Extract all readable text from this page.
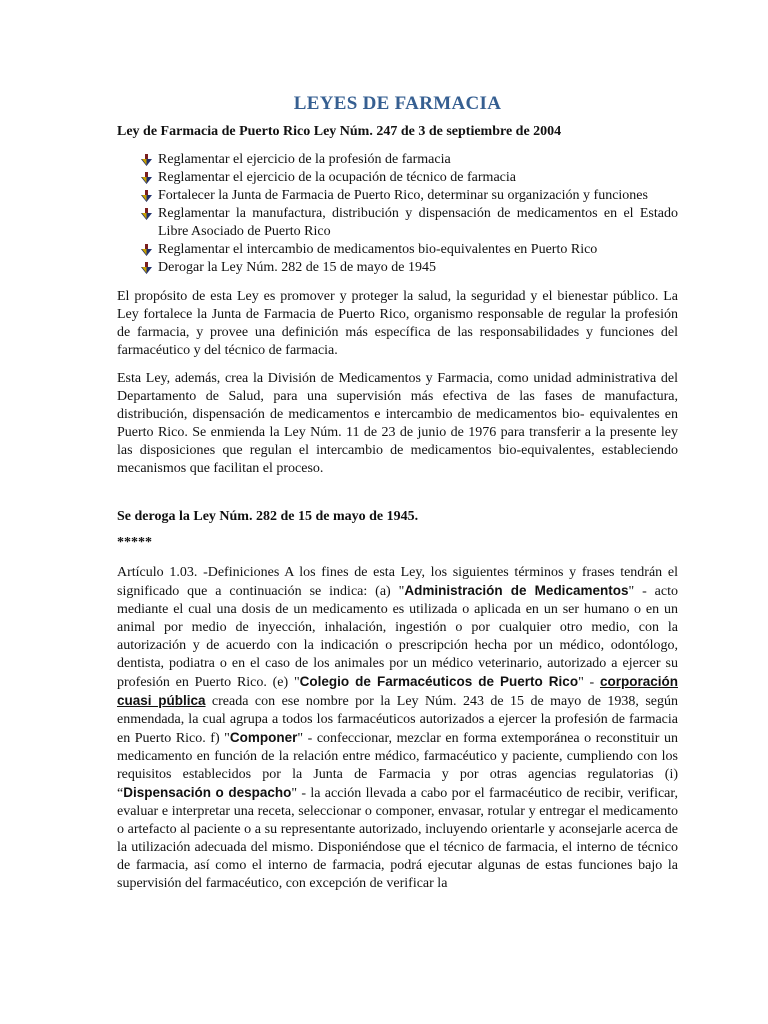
LEYES DE FARMACIA
Ley de Farmacia de Puerto Rico Ley Núm. 247 de 3 de septiembre de 2004
Reglamentar el ejercicio de la profesión de farmacia
Reglamentar el ejercicio de la ocupación de técnico de farmacia
Fortalecer la Junta de Farmacia de Puerto Rico, determinar su organización y funciones
Reglamentar la manufactura, distribución y dispensación de medicamentos en el Estado Libre Asociado de Puerto Rico
Reglamentar el intercambio de medicamentos bio-equivalentes en Puerto Rico
Derogar la Ley Núm. 282 de 15 de mayo de 1945

El propósito de esta Ley es promover y proteger la salud, la seguridad y el bienestar público. La Ley fortalece la Junta de Farmacia de Puerto Rico, organismo responsable de regular la profesión de farmacia, y provee una definición más específica de las responsabilidades y funciones del farmacéutico y del técnico de farmacia.

Esta Ley, además, crea la División de Medicamentos y Farmacia, como unidad administrativa del Departamento de Salud, para una supervisión más efectiva de las fases de manufactura, distribución, dispensación de medicamentos e intercambio de medicamentos bio- equivalentes en Puerto Rico. Se enmienda la Ley Núm. 11 de 23 de junio de 1976 para transferir a la presente ley las disposiciones que regulan el intercambio de medicamentos bio-equivalentes, estableciendo mecanismos que facilitan el proceso.

Se deroga la Ley Núm. 282 de 15 de mayo de 1945.
*****

Artículo 1.03. -Definiciones A los fines de esta Ley, los siguientes términos y frases tendrán el significado que a continuación se indica: (a) "Administración de Medicamentos" - acto mediante el cual una dosis de un medicamento es utilizada o aplicada en un ser humano o en un animal por medio de inyección, inhalación, ingestión o por cualquier otro medio, con la autorización y de acuerdo con la indicación o prescripción hecha por un médico, odontólogo, dentista, podiatra o en el caso de los animales por un médico veterinario, autorizado a ejercer su profesión en Puerto Rico. (e) "Colegio de Farmacéuticos de Puerto Rico" - corporación cuasi pública creada con ese nombre por la Ley Núm. 243 de 15 de mayo de 1938, según enmendada, la cual agrupa a todos los farmacéuticos autorizados a ejercer la profesión de farmacia en Puerto Rico. f) "Componer" - confeccionar, mezclar en forma extemporánea o reconstituir un medicamento en función de la relación entre médico, farmacéutico y paciente, cumpliendo con los requisitos establecidos por la Junta de Farmacia y por otras agencias regulatorias (i) “Dispensación o despacho" - la acción llevada a cabo por el farmacéutico de recibir, verificar, evaluar e interpretar una receta, seleccionar o componer, envasar, rotular y entregar el medicamento o artefacto al paciente o a su representante autorizado, incluyendo orientarle y aconsejarle acerca de la utilización adecuada del mismo. Disponiéndose que el técnico de farmacia, el interno de técnico de farmacia, así como el interno de farmacia, podrá ejecutar algunas de estas funciones bajo la supervisión del farmacéutico, con excepción de verificar la
